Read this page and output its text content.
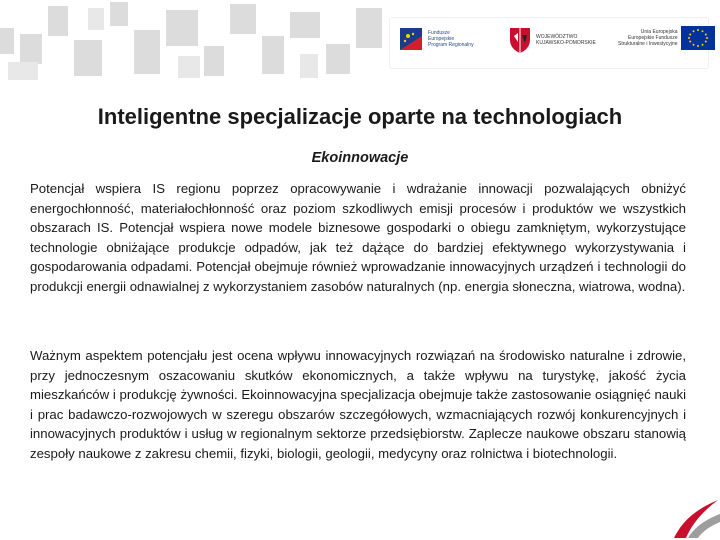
Fundusze
Europejskie
Program Regionalny
WOJEWÓDZTWO
KUJAWSKO-POMORSKIE
Unia Europejska
Europejskie Fundusze
Strukturalne i Inwestycyjne
Inteligentne specjalizacje oparte na technologiach
Ekoinnowacje

Potencjał wspiera IS regionu poprzez opracowywanie i wdrażanie innowacji pozwalających obniżyć energochłonność, materiałochłonność oraz poziom szkodliwych emisji procesów i produktów we wszystkich obszarach IS. Potencjał wspiera nowe modele biznesowe gospodarki o obiegu zamkniętym, wykorzystujące technologie obniżające produkcje odpadów, jak też dążące do bardziej efektywnego wykorzystywania i gospodarowania odpadami. Potencjał obejmuje również wprowadzanie innowacyjnych urządzeń i technologii do produkcji energii odnawialnej z wykorzystaniem zasobów naturalnych (np. energia słoneczna, wiatrowa, wodna).

Ważnym aspektem potencjału jest ocena wpływu innowacyjnych rozwiązań na środowisko naturalne i zdrowie, przy jednoczesnym oszacowaniu skutków ekonomicznych, a także wpływu na turystykę, jakość życia mieszkańców i produkcję żywności. Ekoinnowacyjna specjalizacja obejmuje także zastosowanie osiągnięć nauki i prac badawczo-rozwojowych w szeregu obszarów szczegółowych, wzmacniających rozwój konkurencyjnych i innowacyjnych produktów i usług w regionalnym sektorze przedsiębiorstw. Zaplecze naukowe obszaru stanowią zespoły naukowe z zakresu chemii, fizyki, biologii, geologii, medycyny oraz rolnictwa i biotechnologii.
